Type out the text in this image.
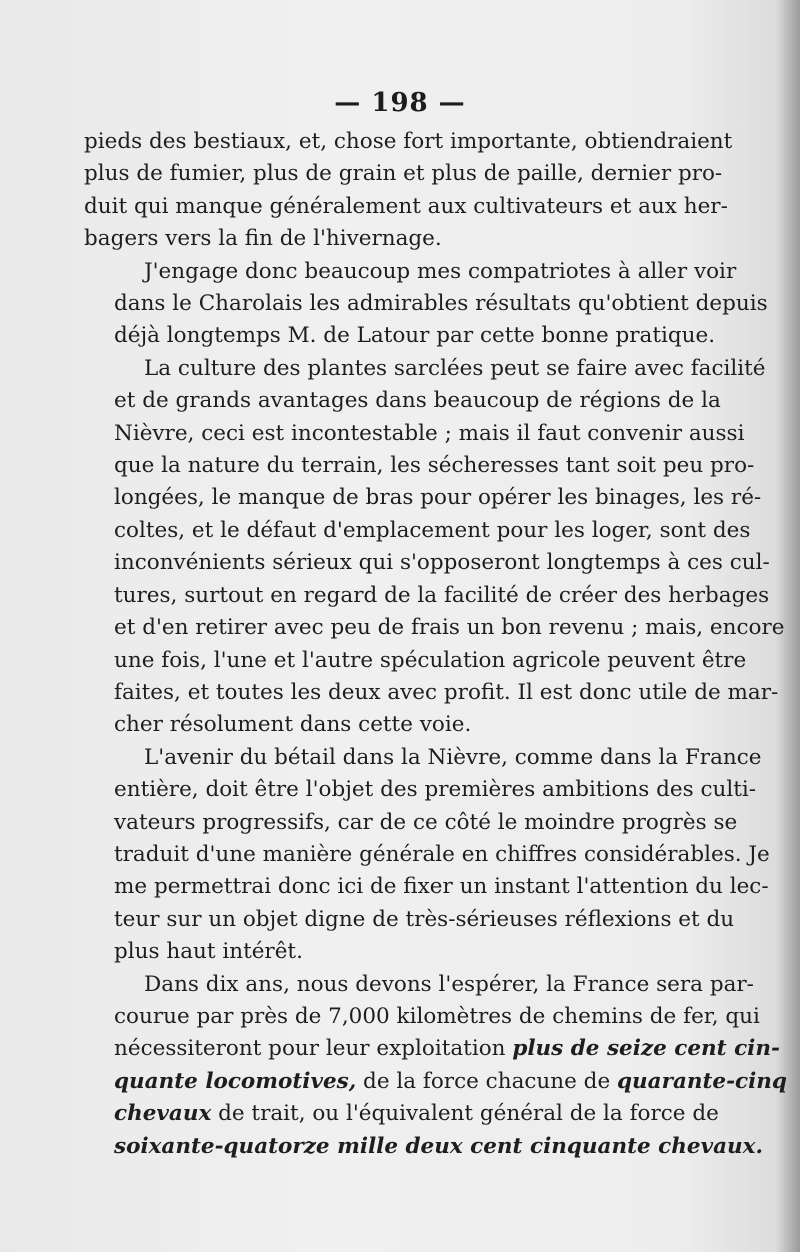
— 198 —
pieds des bestiaux, et, chose fort importante, obtiendraient
plus de fumier, plus de grain et plus de paille, dernier pro-
duit qui manque généralement aux cultivateurs et aux her-
bagers vers la fin de l'hivernage.
J'engage donc beaucoup mes compatriotes à aller voir
dans le Charolais les admirables résultats qu'obtient depuis
déjà longtemps M. de Latour par cette bonne pratique.
La culture des plantes sarclées peut se faire avec facilité
et de grands avantages dans beaucoup de régions de la
Nièvre, ceci est incontestable ; mais il faut convenir aussi
que la nature du terrain, les sécheresses tant soit peu pro-
longées, le manque de bras pour opérer les binages, les ré-
coltes, et le défaut d'emplacement pour les loger, sont des
inconvénients sérieux qui s'opposeront longtemps à ces cul-
tures, surtout en regard de la facilité de créer des herbages
et d'en retirer avec peu de frais un bon revenu ; mais, encore
une fois, l'une et l'autre spéculation agricole peuvent être
faites, et toutes les deux avec profit. Il est donc utile de mar-
cher résolument dans cette voie.
L'avenir du bétail dans la Nièvre, comme dans la France
entière, doit être l'objet des premières ambitions des culti-
vateurs progressifs, car de ce côté le moindre progrès se
traduit d'une manière générale en chiffres considérables. Je
me permettrai donc ici de fixer un instant l'attention du lec-
teur sur un objet digne de très-sérieuses réflexions et du
plus haut intérêt.
Dans dix ans, nous devons l'espérer, la France sera par-
courue par près de 7,000 kilomètres de chemins de fer, qui
nécessiteront pour leur exploitation plus de seize cent cin-
quante locomotives, de la force chacune de quarante-cinq
chevaux de trait, ou l'équivalent général de la force de
soixante-quatorze mille deux cent cinquante chevaux.
